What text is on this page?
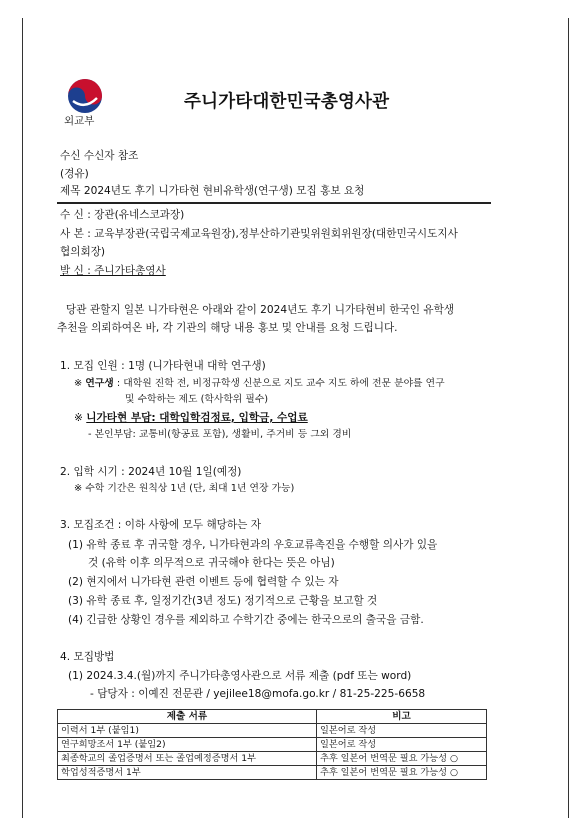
외교부
주니가타대한민국총영사관
수신 수신자 참조
(경유)
제목 2024년도 후기 니가타현 현비유학생(연구생) 모집 홍보 요청
수 신 : 장관(유네스코과장)
사 본 : 교육부장관(국립국제교육원장),정부산하기관및위원회위원장(대한민국시도지사
협의회장)
발 신 : 주니가타총영사
당관 관할지 일본 니가타현은 아래와 같이 2024년도 후기 니가타현비 한국인 유학생
추천을 의뢰하여온 바, 각 기관의 해당 내용 홍보 및 안내를 요청 드립니다.
1. 모집 인원 : 1명 (니가타현내 대학 연구생)
※ 연구생 : 대학원 진학 전, 비정규학생 신분으로 지도 교수 지도 하에 전문 분야를 연구
및 수학하는 제도 (학사학위 필수)
※ 니가타현 부담: 대학입학검정료, 입학금, 수업료
- 본인부담: 교통비(항공료 포함), 생활비, 주거비 등 그외 경비
2. 입학 시기 : 2024년 10월 1일(예정)
※ 수학 기간은 원칙상 1년 (단, 최대 1년 연장 가능)
3. 모집조건 : 이하 사항에 모두 해당하는 자
(1) 유학 종료 후 귀국할 경우, 니가타현과의 우호교류촉진을 수행할 의사가 있을
것 (유학 이후 의무적으로 귀국해야 한다는 뜻은 아님)
(2) 현지에서 니가타현 관련 이벤트 등에 협력할 수 있는 자
(3) 유학 종료 후, 일정기간(3년 정도) 정기적으로 근황을 보고할 것
(4) 긴급한 상황인 경우를 제외하고 수학기간 중에는 한국으로의 출국을 금함.
4. 모집방법
(1) 2024.3.4.(월)까지 주니가타총영사관으로 서류 제출 (pdf 또는 word)
- 담당자 : 이예진 전문관 / yejilee18@mofa.go.kr / 81-25-225-6658
제출 서류	비고
이력서 1부 (붙임1)	일본어로 작성
연구희망조서 1부 (붙임2)	일본어로 작성
최종학교의 졸업증명서 또는 졸업예정증명서 1부	추후 일본어 번역문 필요 가능성 ○
학업성적증명서 1부	추후 일본어 번역문 필요 가능성 ○
